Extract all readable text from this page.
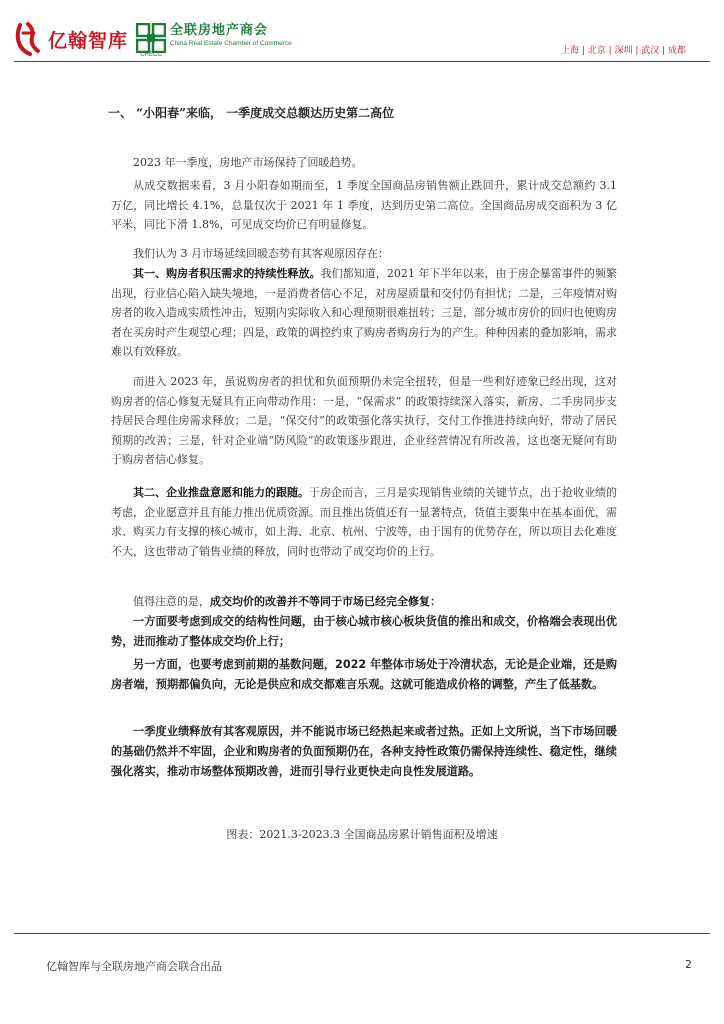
亿翰智库	全联房地产商会
China Real Estate Chamber of Commerce
CRECC	上海 | 北京 | 深圳 | 武汉 | 成都
一、 “小阳春”来临， 一季度成交总额达历史第二高位
2023 年一季度，房地产市场保持了回暖趋势。
从成交数据来看，3 月小阳春如期而至，1 季度全国商品房销售额止跌回升，累计成交总额约 3.1 万亿，同比增长 4.1%，总量仅次于 2021 年 1 季度，达到历史第二高位。全国商品房成交面积为 3 亿平米，同比下滑 1.8%，可见成交均价已有明显修复。
我们认为 3 月市场延续回暖态势有其客观原因存在：
其一、购房者积压需求的持续性释放。我们都知道，2021 年下半年以来，由于房企暴雷事件的频繁出现，行业信心陷入缺失境地，一是消费者信心不足，对房屋质量和交付仍有担忧；二是，三年疫情对购房者的收入造成实质性冲击，短期内实际收入和心理预期很难扭转；三是，部分城市房价的回归也使购房者在买房时产生观望心理；四是，政策的调控约束了购房者购房行为的产生。种种因素的叠加影响，需求难以有效释放。
而进入 2023 年，虽说购房者的担忧和负面预期仍未完全扭转，但是一些利好迹象已经出现，这对购房者的信心修复无疑具有正向带动作用：一是，“保需求” 的政策持续深入落实，新房、二手房同步支持居民合理住房需求释放；二是，“保交付”的政策强化落实执行，交付工作推进持续向好，带动了居民预期的改善；三是，针对企业端“防风险”的政策逐步跟进，企业经营情况有所改善，这也毫无疑问有助于购房者信心修复。
其二、企业推盘意愿和能力的跟随。于房企而言，三月是实现销售业绩的关键节点，出于抢收业绩的考虑，企业愿意并且有能力推出优质资源。而且推出货值还有一显著特点，货值主要集中在基本面优，需求、购买力有支撑的核心城市，如上海、北京、杭州、宁波等，由于国有的优势存在，所以项目去化难度不大，这也带动了销售业绩的释放，同时也带动了成交均价的上行。
值得注意的是，成交均价的改善并不等同于市场已经完全修复：
一方面要考虑到成交的结构性问题，由于核心城市核心板块货值的推出和成交，价格端会表现出优势，进而推动了整体成交均价上行；
另一方面，也要考虑到前期的基数问题，2022 年整体市场处于冷清状态，无论是企业端，还是购房者端，预期都偏负向，无论是供应和成交都难言乐观。这就可能造成价格的调整，产生了低基数。
一季度业绩释放有其客观原因，并不能说市场已经热起来或者过热。正如上文所说，当下市场回暖的基础仍然并不牢固，企业和购房者的负面预期仍在，各种支持性政策仍需保持连续性、稳定性，继续强化落实，推动市场整体预期改善，进而引导行业更快走向良性发展道路。
图表：2021.3-2023.3 全国商品房累计销售面积及增速
亿翰智库与全联房地产商会联合出品	2
